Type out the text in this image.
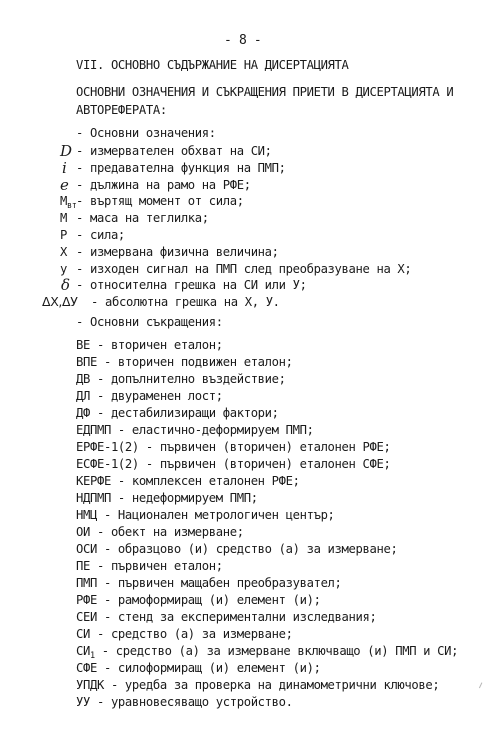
- 8 -
VII. ОСНОВНО СЪДЪРЖАНИЕ НА ДИСЕРТАЦИЯТА
ОСНОВНИ ОЗНАЧЕНИЯ И СЪКРАЩЕНИЯ ПРИЕТИ В ДИСЕРТАЦИЯТА И
АВТОРЕФЕРАТА:
- Основни означения:
D - измервателен обхват на СИ;
i - предавателна функция на ПМП;
e - дължина на рамо на РФЕ;
$M_{вт}$ - въртящ момент от сила;
M - маса на теглилка;
P - сила;
X - измервана физична величина;
y - изходен сигнал на ПМП след преобразуване на Х;
δ - относителна грешка на СИ или У;
ΔX,ΔУ - абсолютна грешка на Х, У.
- Основни съкращения:
ВЕ - вторичен еталон;
ВПЕ - вторичен подвижен еталон;
ДВ - допълнително въздействие;
ДЛ - двураменен лост;
ДФ - дестабилизиращи фактори;
ЕДПМП - еластично-деформируем ПМП;
ЕРФЕ-1(2) - първичен (вторичен) еталонен РФЕ;
ЕСФЕ-1(2) - първичен (вторичен) еталонен СФЕ;
КЕРФЕ - комплексен еталонен РФЕ;
НДПМП - недеформируем ПМП;
НМЦ - Национален метрологичен център;
ОИ - обект на измерване;
ОСИ - образцово (и) средство (а) за измерване;
ПЕ - първичен еталон;
ПМП - първичен мащабен преобразувател;
РФЕ - рамоформиращ (и) елемент (и);
СЕИ - стенд за експериментални изследвания;
СИ - средство (а) за измерване;
$СИ_1$ - средство (а) за измерване включващо (и) ПМП и СИ;
СФЕ - силоформиращ (и) елемент (и);
УПДК - уредба за проверка на динамометрични ключове;
УУ - уравновесяващо устройство.
